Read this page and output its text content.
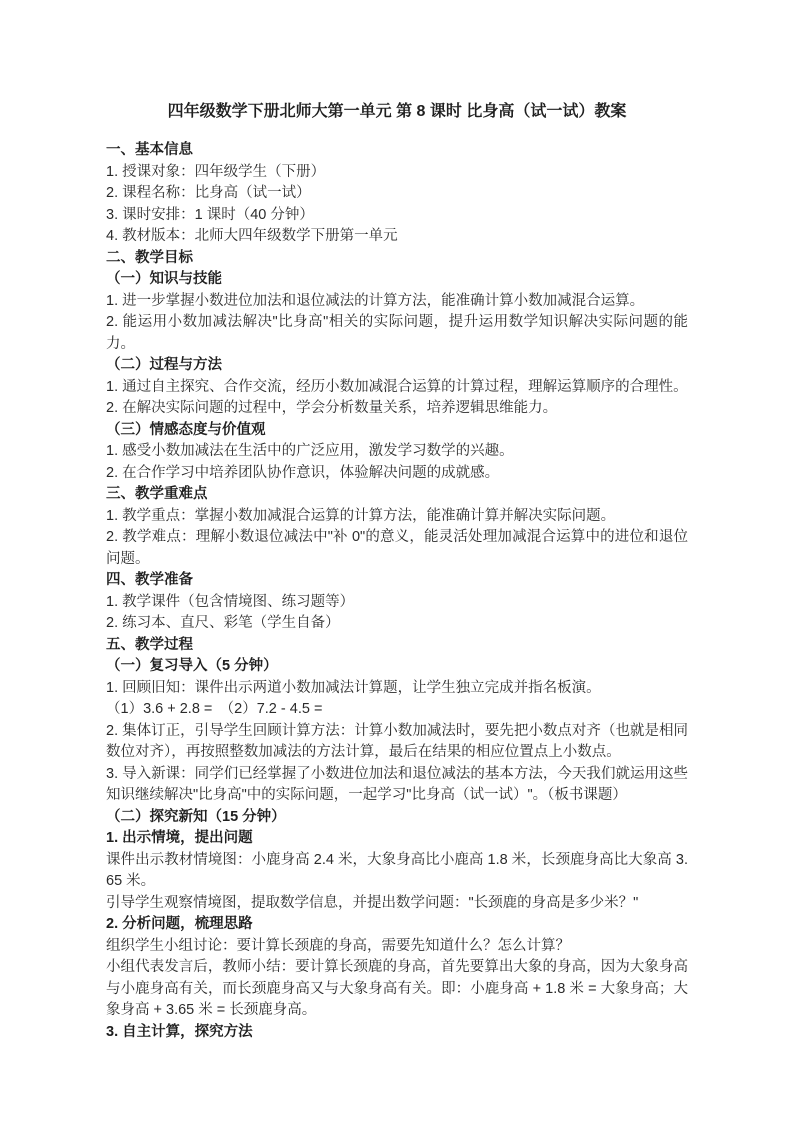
四年级数学下册北师大第一单元 第 8 课时 比身高（试一试）教案

一、基本信息

1. 授课对象：四年级学生（下册）

2. 课程名称：比身高（试一试）

3. 课时安排：1 课时（40 分钟）

4. 教材版本：北师大四年级数学下册第一单元

二、教学目标

（一）知识与技能

1. 进一步掌握小数进位加法和退位减法的计算方法，能准确计算小数加减混合运算。

2. 能运用小数加减法解决"比身高"相关的实际问题，提升运用数学知识解决实际问题的能力。

（二）过程与方法

1. 通过自主探究、合作交流，经历小数加减混合运算的计算过程，理解运算顺序的合理性。

2. 在解决实际问题的过程中，学会分析数量关系，培养逻辑思维能力。

（三）情感态度与价值观

1. 感受小数加减法在生活中的广泛应用，激发学习数学的兴趣。

2. 在合作学习中培养团队协作意识，体验解决问题的成就感。

三、教学重难点

1. 教学重点：掌握小数加减混合运算的计算方法，能准确计算并解决实际问题。

2. 教学难点：理解小数退位减法中"补 0"的意义，能灵活处理加减混合运算中的进位和退位问题。

四、教学准备

1. 教学课件（包含情境图、练习题等）

2. 练习本、直尺、彩笔（学生自备）

五、教学过程

（一）复习导入（5 分钟）

1. 回顾旧知：课件出示两道小数加减法计算题，让学生独立完成并指名板演。

（1）3.6 + 2.8 =　（2）7.2 - 4.5 =

2. 集体订正，引导学生回顾计算方法：计算小数加减法时，要先把小数点对齐（也就是相同数位对齐），再按照整数加减法的方法计算，最后在结果的相应位置点上小数点。

3. 导入新课：同学们已经掌握了小数进位加法和退位减法的基本方法，今天我们就运用这些知识继续解决"比身高"中的实际问题，一起学习"比身高（试一试）"。（板书课题）

（二）探究新知（15 分钟）

1. 出示情境，提出问题

课件出示教材情境图：小鹿身高 2.4 米，大象身高比小鹿高 1.8 米，长颈鹿身高比大象高 3.65 米。

引导学生观察情境图，提取数学信息，并提出数学问题："长颈鹿的身高是多少米？"

2. 分析问题，梳理思路

组织学生小组讨论：要计算长颈鹿的身高，需要先知道什么？怎么计算？

小组代表发言后，教师小结：要计算长颈鹿的身高，首先要算出大象的身高，因为大象身高与小鹿身高有关，而长颈鹿身高又与大象身高有关。即：小鹿身高 + 1.8 米 = 大象身高；大象身高 + 3.65 米 = 长颈鹿身高。

3. 自主计算，探究方法
